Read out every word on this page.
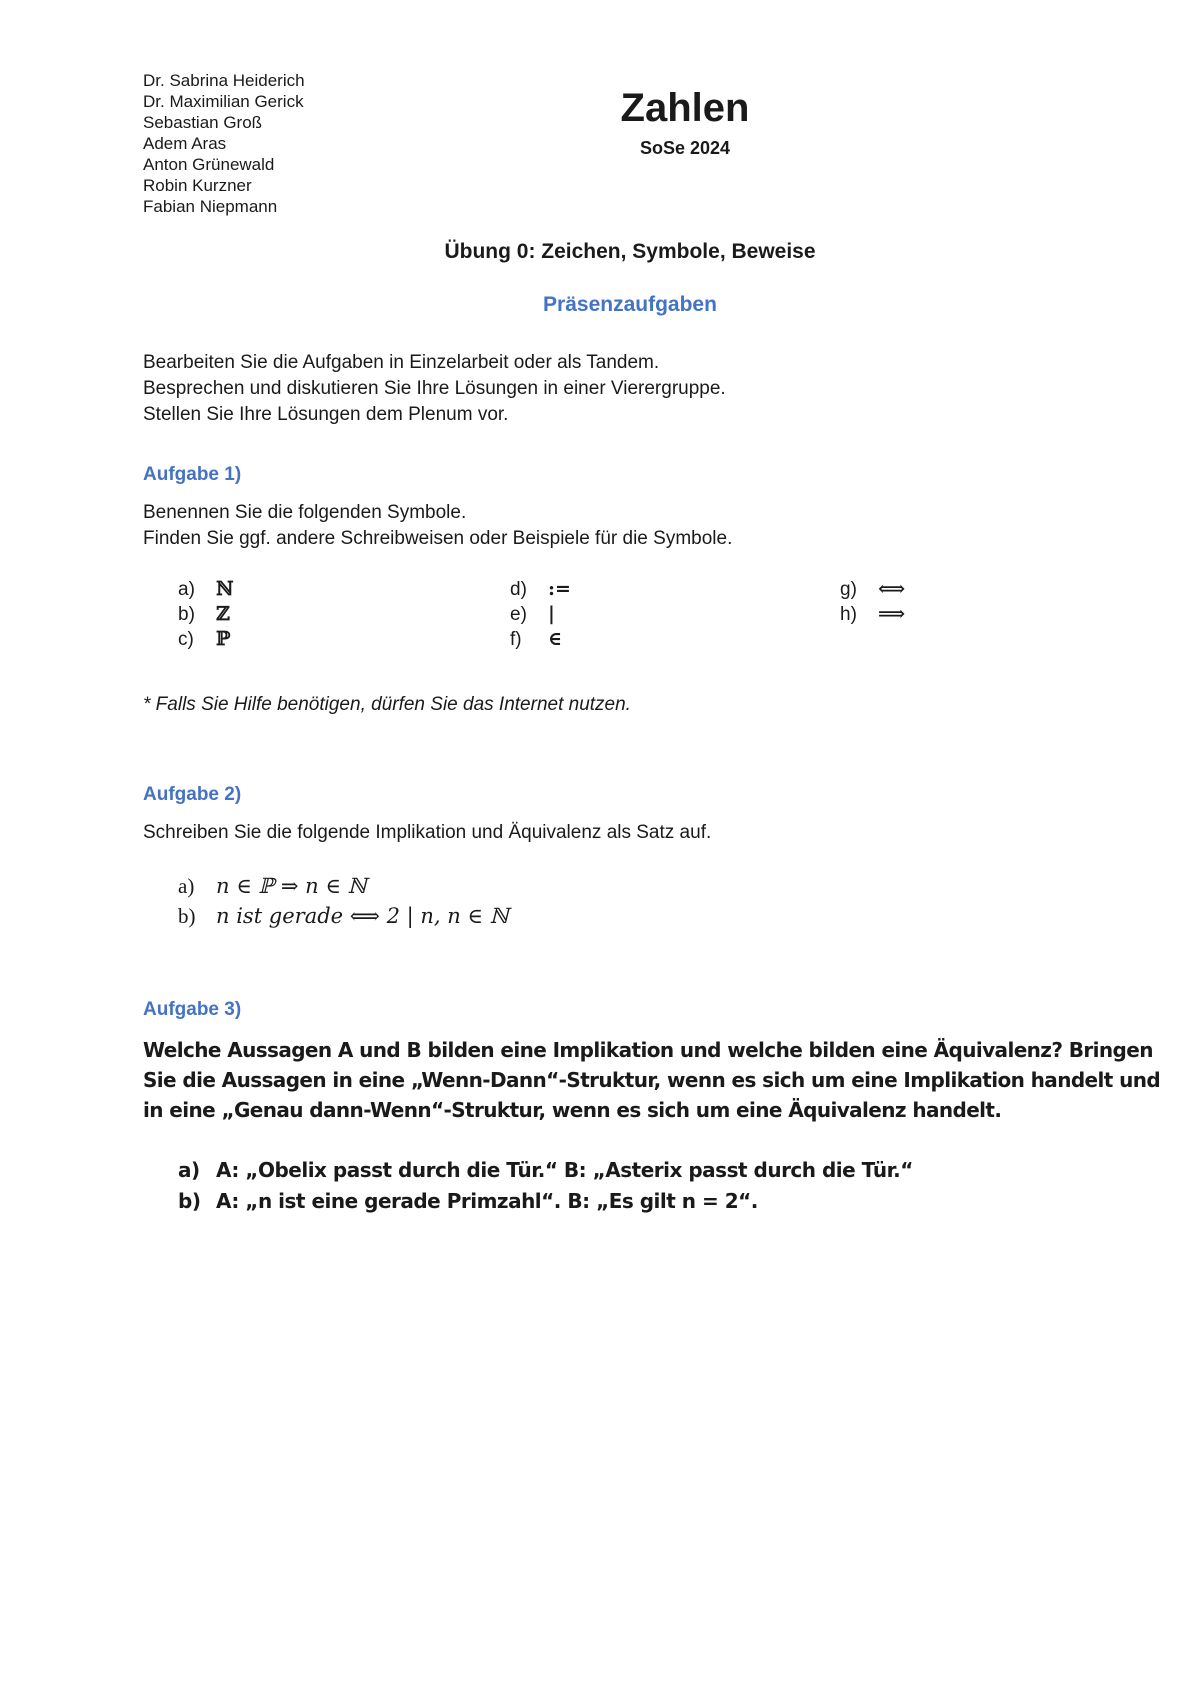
Dr. Sabrina Heiderich
Dr. Maximilian Gerick
Sebastian Groß
Adem Aras
Anton Grünewald
Robin Kurzner
Fabian Niepmann
Zahlen
SoSe 2024
Übung 0: Zeichen, Symbole, Beweise
Präsenzaufgaben
Bearbeiten Sie die Aufgaben in Einzelarbeit oder als Tandem.
Besprechen und diskutieren Sie Ihre Lösungen in einer Vierergruppe.
Stellen Sie Ihre Lösungen dem Plenum vor.
Aufgabe 1)
Benennen Sie die folgenden Symbole.
Finden Sie ggf. andere Schreibweisen oder Beispiele für die Symbole.
a) ℕ
b) ℤ
c) ℙ
d) :=
e) |
f) ∈
g) ⟺
h) ⟹
* Falls Sie Hilfe benötigen, dürfen Sie das Internet nutzen.
Aufgabe 2)
Schreiben Sie die folgende Implikation und Äquivalenz als Satz auf.
a) n ∈ ℙ ⇒ n ∈ ℕ
b) n ist gerade ⟺ 2 | n, n ∈ ℕ
Aufgabe 3)
Welche Aussagen A und B bilden eine Implikation und welche bilden eine Äquivalenz? Bringen
Sie die Aussagen in eine „Wenn-Dann“-Struktur, wenn es sich um eine Implikation handelt und
in eine „Genau dann-Wenn“-Struktur, wenn es sich um eine Äquivalenz handelt.
a) A: „Obelix passt durch die Tür.“ B: „Asterix passt durch die Tür.“
b) A: „n ist eine gerade Primzahl“. B: „Es gilt n = 2“.
